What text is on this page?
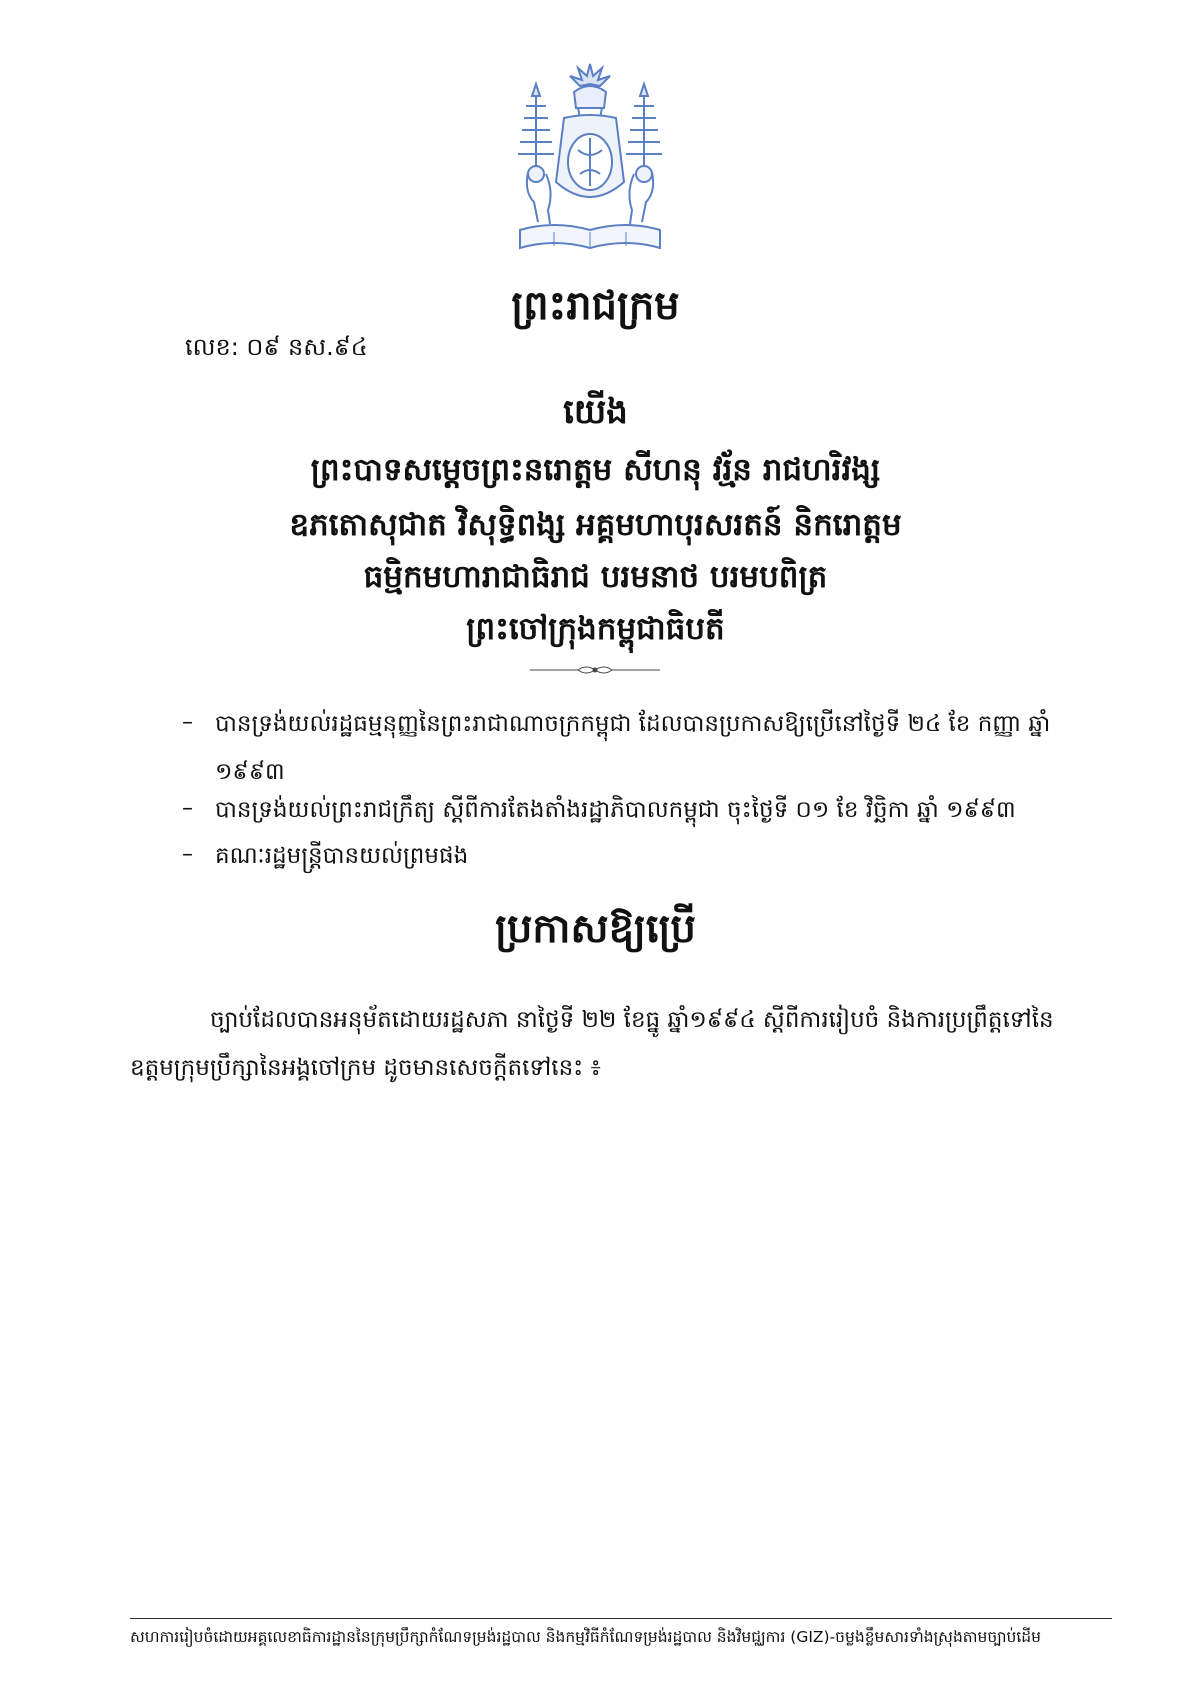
ព្រះរាជក្រម
លេខ: ០៩ នស.៩៤
យើង
ព្រះបាទសម្តេចព្រះនរោត្តម សីហនុ វរ្ម័ន រាជហរិវង្ស
ឧភតោសុជាត វិសុទ្ធិពង្ស អគ្គមហាបុរសរតន៍ និករោត្តម
ធម្មិកមហារាជាធិរាជ បរមនាថ បរមបពិត្រ
ព្រះចៅក្រុងកម្ពុជាធិបតី
– បានទ្រង់យល់រដ្ឋធម្មនុញ្ញនៃព្រះរាជាណាចក្រកម្ពុជា ដែលបានប្រកាសឱ្យប្រើនៅថ្ងៃទី ២៤ ខែ កញ្ញា ឆ្នាំ ១៩៩៣
– បានទ្រង់យល់ព្រះរាជក្រឹត្យ ស្តីពីការតែងតាំងរដ្ឋាភិបាលកម្ពុជា ចុះថ្ងៃទី ០១ ខែ វិច្ឆិកា ឆ្នាំ ១៩៩៣
– គណៈរដ្ឋមន្ត្រីបានយល់ព្រមផង
ប្រកាសឱ្យប្រើ
ច្បាប់ដែលបានអនុម័តដោយរដ្ឋសភា នាថ្ងៃទី ២២ ខែធ្នូ ឆ្នាំ១៩៩៤ ស្តីពីការរៀបចំ និងការប្រព្រឹត្តទៅនៃឧត្តមក្រុមប្រឹក្សានៃអង្គចៅក្រម ដូចមានសេចក្តីតទៅនេះ ៖
សហការរៀបចំដោយអគ្គលេខាធិការដ្ឋាននៃក្រុមប្រឹក្សាកំណែទម្រង់រដ្ឋបាល និងកម្មវិធីកំណែទម្រង់រដ្ឋបាល និងវិមជ្ឈការ (GIZ)-ចម្លងខ្លឹមសារទាំងស្រុងតាមច្បាប់ដើម
